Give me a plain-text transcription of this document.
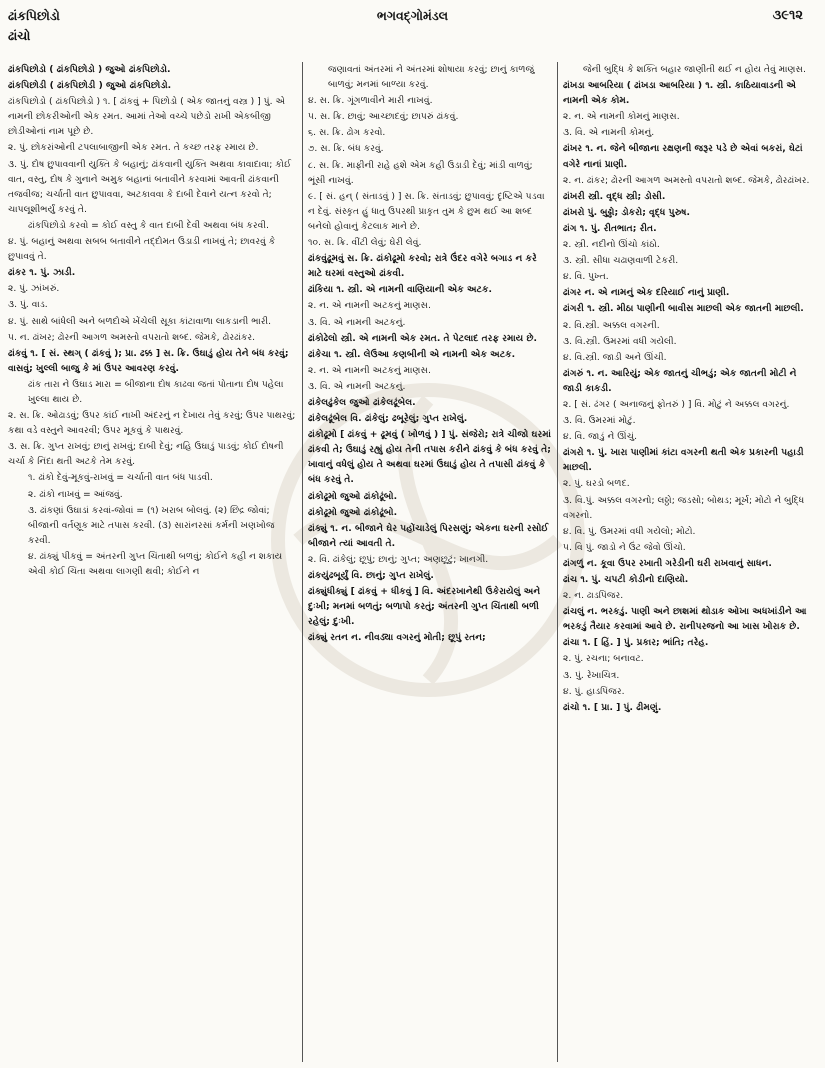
ઢાંકપિછોડો
ઢાંચો
ભગવદ્ગોમંડલ	૩૯૧૨
ઢાંકપિછોડો ( ઢાંકપિછોડો ) જુઓ ઢાંકપિછોડો.
ઢાંકપિછોડી ( ઢાંકપિછોડી ) જુઓ ઢાંકપિછોડો.
ઢાંકપિછોડો ( ઢાંકપિછોડો ) ૧. [ ઢાંકવું + પિછોડો ( એક જાતનું વસ્ત્ર ) ] પું. એ નામની છોકરીઓની એક રમત. આમાં તેઓ વચ્ચે પછેડો રાખી એકબીજી છોડીઓનાં નામ પૂછે છે.
૨. પું. છોકરાંઓની ટપલાબાજીની એક રમત. તે કચ્છ તરફ રમાય છે.
૩. પું. દોષ છુપાવવાની યુક્તિ કે બહાનું; ઢાંકવાની યુક્તિ અથવા કાવાદાવા; કોઈ વાત, વસ્તુ, દોષ કે ગુનાને અમુક બહાનાં બતાવીને કરવામાં આવતી ઢાંકવાની તજવીજ; ચર્ચાતી વાત છુપાવવા, અટકાવવા કે દાબી દેવાને યત્ન કરવો તે; ચાપલૂશીભર્યું કરવું તે.
ઢાંકપિછોડો કરવો = કોઈ વસ્તુ કે વાત દાબી દેવી અથવા બંધ કરવી.
૪. પું. બહાનું અથવા સબબ બતાવીને તદ્દોમત ઉડાડી નાખવું તે; છાવરવું કે છુપાવવું તે.
ઢાંકર ૧. પું. ઝાડી.
૨. પું. ઝાંખરું.
૩. પું. વાડ.
૪. પું. સાથે બાંધેલી અને બળદોએ ખેંચેલી સૂકા કાંટાવાળા લાકડાની ભારી.
૫. ન. ઢાંખર; ઢોરની આગળ અમસ્તો વપરાતો શબ્દ. જેમકે, ઢોરઢાંકર.
ઢાંકવું ૧. [ સં. સ્થગ્ ( ઢાંકવું ); પ્રા. ઢક્ક ] સ. ક્રિ. ઉઘાડું હોય તેને બંધ કરવું; વાસવું; ખુલ્લી બાજુ કે માં ઉપર આવરણ કરવું.
ઢાંક તારા ને ઉઘાડ મારા = બીજાના દોષ કાઢવા જતાં પોતાના દોષ પહેલા ખુલ્લા થાય છે.
૨. સ. ક્રિ. ઓઢાડવું; ઉપર કાંઈ નાખી અંદરનું ન દેખાય તેવું કરવું; ઉપર પાથરવું; કથા વડે વસ્તુને આવરવી; ઉપર મૂકવું કે પાથરવું.
૩. સ. ક્રિ. ગુપ્ત રાખવું; છાનું રાખવું; દાબી દેવું; નહિ ઉઘાડું પાડવું; કોઈ દોષની ચર્ચા કે નિંદા થતી અટકે તેમ કરવું.
૧. ઢાંકો દેવું-મૂકવું-રાખવું = ચર્ચાતી વાત બંધ પાડવી.
૨. ઢાંકો નાખવું = આંજવું.
૩. ઢાંકણાં ઉઘાડાં કરવાં-જોવાં = (૧) ખરાબ બોલવું. (૨) છિદ્ર જોવાં; બીજાની વર્તણૂક માટે તપાસ કરવી. (૩) સારાંનરસાં કર્મની ખણખોજ કરવી.
૪. ઢાંક્યું પીકવું = અંતરની ગુપ્ત ચિંતાથી બળવું; કોઈને કહી ન શકાય એવી કોઈ ચિંતા અથવા લાગણી થવી; કોઈને ન
જણાવતાં અંતરમાં ને અંતરમાં શોષાયા કરવું; છાનું કાળજું બાળવું; મનમાં બાળ્યા કરવું.
૪. સ. ક્રિ. ગૂંગળાવીને મારી નાખવું.
૫. સ. ક્રિ. છાવું; આચ્છાદવું; છાપરું ઢાંકવું.
૬. સ. ક્રિ. ઢોગ કરવો.
૭. સ. ક્રિ. બંધ કરવું.
૮. સ. ક્રિ. માફીની રાહે હશે એમ કહી ઉડાડી દેવું; માંડી વાળવું; ભૂંસી નાખવું.
૯. [ સં. હન્ ( સંતાડવું ) ] સ. ક્રિ. સંતાડવું; છુપાવવું; દૃષ્ટિએ પડવા ન દેવું. સંસ્કૃત હું ધાતુ ઉપરથી પ્રાકૃત તુમ કે છુમ થઈ આ શબ્દ બનેલો હોવાનું કેટલાક માને છે.
૧૦. સ. ક્રિ. વીંટી લેવું; ઘેરી લેવું.
ઢાંકવુંઢૂમવું સ. ક્રિ. ઢાંકોઢૂમો કરવો; રાત્રે ઉંદર વગેરે બગાડ ન કરે માટે ઘરમાં વસ્તુઓ ઢાંકવી.
ઢાંકિયા ૧. સ્ત્રી. એ નામની વાણિયાની એક અટક.
૨. ન. એ નામની અટકનું માણસ.
૩. વિ. એ નામની અટકનું.
ઢાંકોઢેલો સ્ત્રી. એ નામની એક રમત. તે પેટલાદ તરફ રમાય છે.
ઢાંકેચા ૧. સ્ત્રી. લેઉઆ કણબીની એ નામની એક અટક.
૨. ન. એ નામની અટકનું માણસ.
૩. વિ. એ નામની અટકનું.
ઢાંકેલઢુંકેલ જુઓ ઢાંકેલઢૂંબેલ.
ઢાંકેલઢૂંબેલ વિ. ઢાંકેલું; ઢબૂરેલું; ગુપ્ત રાખેલું.
ઢાંકોઢૂમો [ ઢાંકવું + ઢૂમવું ( ખોળવું ) ] પું. સંજેરો; રાત્રે ચીજો ઘરમાં ઢાંકવી તે; ઉઘાડું રહ્યું હોય તેની તપાસ કરીને ઢાંકવું કે બંધ કરવું તે; ખાવાનું વધેલું હોય તે અથવા ઘરમાં ઉઘાડું હોય તે તપાસી ઢાંકવું કે બંધ કરવું તે.
ઢાંકોઢૂમો જુઓ ઢાંકોઢૂંબો.
ઢાંકોઢૂમો જુઓ ઢાંકોઢૂંબો.
ઢાંક્યું ૧. ન. બીજાને ઘેર પહોંચાડેલું પિરસણું; એકના ઘરની રસોઈ બીજાને ત્યાં આવતી તે.
૨. વિ. ઢાંકેલું; છૂપું; છાનું; ગુપ્ત; અણછૂટું; ખાનગી.
ઢાંકયુંઢબૂર્યું વિ. છાનું; ગુપ્ત રાખેલું.
ઢાંક્યુંધીક્યું [ ઢાંકવું + ધીકવું ] વિ. અંદરખાનેથી ઉકેરાયેલું અને દુઃખી; મનમાં બળતું; બળાપો કરતું; અંતરની ગુપ્ત ચિંતાથી બળી રહેલું; દુઃખી.
ઢાંક્યું રતન ન. નીવડ્યા વગરનું મોતી; છૂપું રતન;
જેની બુદ્ધિ કે શક્તિ બહાર જાણીતી થઈ ન હોય તેવું માણસ.
ઢાંખડા આબરિયા ( ઢાંખડા આબરિયા ) ૧. સ્ત્રી. કાઠિયાવાડની એ નામની એક કોમ.
૨. ન. એ નામની કોમનું માણસ.
૩. વિ. એ નામની કોમનું.
ઢાંખર ૧. ન. જેને બીજાના રક્ષણની જરૂર પડે છે એવાં બકરાં, ઘેટાં વગેરે નાનાં પ્રાણી.
૨. ન. ઢાંકર; ઢોરની આગળ અમસ્તો વપરાતો શબ્દ. જેમકે, ઢોરઢાંખર.
ઢાંખરી સ્ત્રી. વૃદ્ધ સ્ત્રી; ડોસી.
ઢાંખરો પું. બુઢ્ઢો; ડોકરો; વૃદ્ધ પુરુષ.
ઢાંગ ૧. પું. રીતભાત; રીત.
૨. સ્ત્રી. નદીનો ઊંચો કાંઠો.
૩. સ્ત્રી. સીધા ચઢાણવાળી ટેકરી.
૪. વિ. પુખ્ત.
ઢાંગર ન. એ નામનું એક દરિયાઈ નાનું પ્રાણી.
ઢાંગરી ૧. સ્ત્રી. મીઠા પાણીની બાવીસ માછલી એક જાતની માછલી.
૨. વિ.સ્ત્રી. અક્કલ વગરની.
૩. વિ.સ્ત્રી. ઉમરમાં વધી ગયેલી.
૪. વિ.સ્ત્રી. જાડી અને ઊંચી.
ઢાંગરું ૧. ન. આરિયું; એક જાતનું ચીભડું; એક જાતની મોટી ને જાડી કાકડી.
૨. [ સં. ઢંગર ( અનાજનું ફોતરું ) ] વિ. મોટું ને અક્કલ વગરનું.
૩. વિ. ઉમરમાં મોટું.
૪. વિ. જાડું ને ઊંચું.
ઢાંગરો ૧. પું. ખારા પાણીમાં કાંટા વગરની થતી એક પ્રકારની પહાડી માછલી.
૨. પું. ઘરડો બળદ.
૩. વિ.પું. અક્કલ વગરનો; લઠ્ઠો; જડસો; બોથડ; મૂર્ખ; મોટો ને બુદ્ધિ વગરનો.
૪. વિ. પું. ઉમરમાં વધી ગયેલો; મોટો.
૫. વિ પું. જાડો ને ઉંટ જેવો ઊંચો.
ઢાંગળું ન. કૂવા ઉપર રખાતી ગરેડીની ઘરી રાખવાનું સાધન.
ઢાંચ ૧. પું. ચપટી કોડીનો દાણિયો.
૨. ન. ઢાડપિંજર.
ઢાંચલું ન. ભરકડું. પાણી અને છાશમાં થોડાક ઓખા અધખાંડીને આ ભરકડું તૈયાર કરવામાં આવે છે. રાનીપરજનો આ ખાસ ખોરાક છે.
ઢાંચા ૧. [ હિં. ] પું. પ્રકાર; ભાંતિ; તરેહ.
૨. પું. રચના; બનાવટ.
૩. પું. રેખાચિત્ર.
૪. પું. હાડપિંજર.
ઢાંચો ૧. [ પ્રા. ] પું. ઢીમણું.
